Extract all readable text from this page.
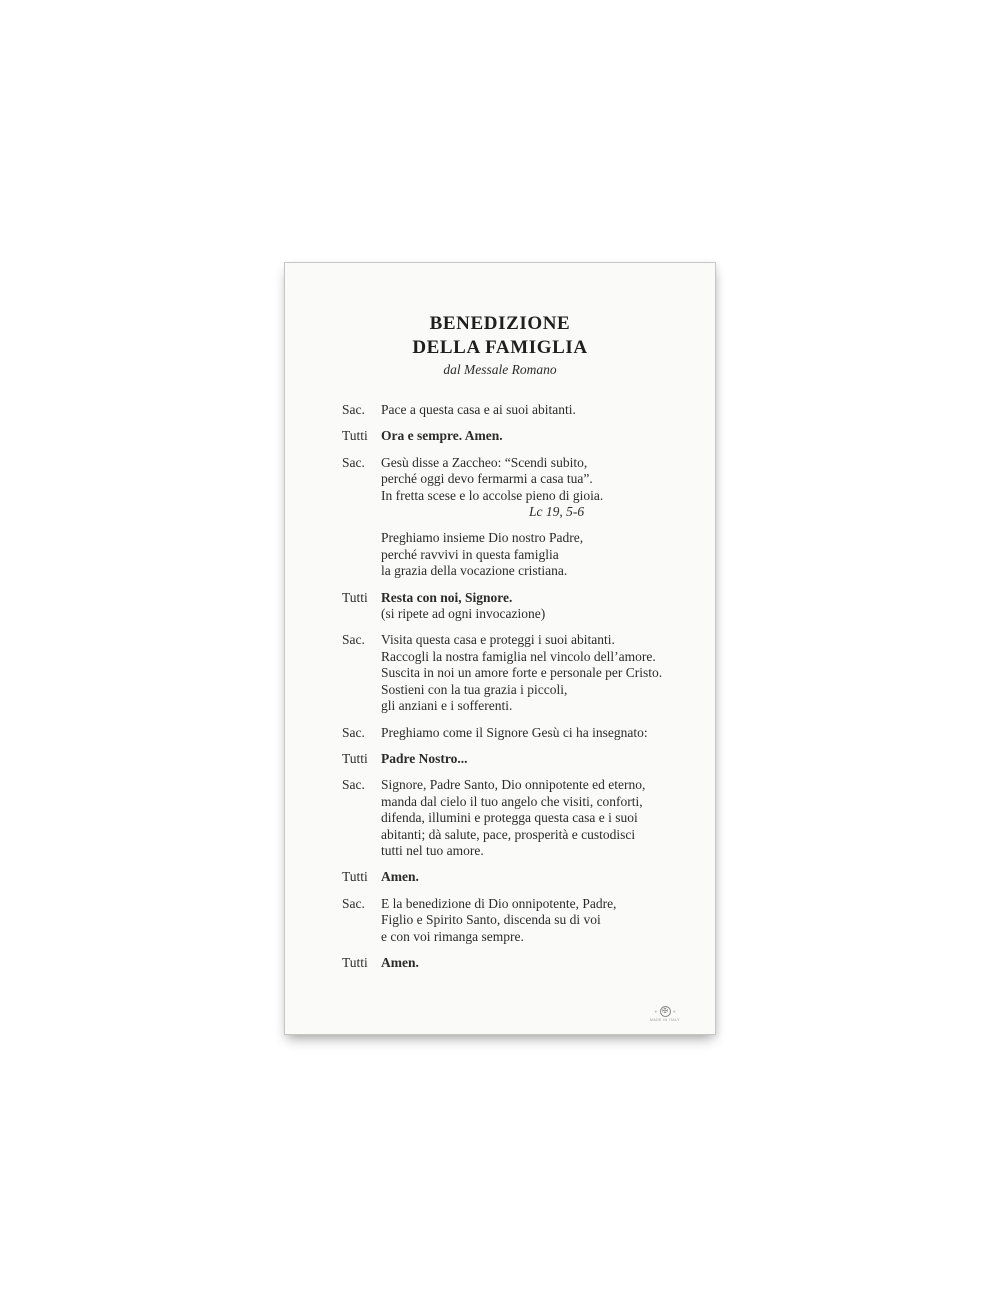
BENEDIZIONE
DELLA FAMIGLIA
dal Messale Romano
Sac.	Pace a questa casa e ai suoi abitanti.
Tutti Ora e sempre. Amen.
Sac.	Gesù disse a Zaccheo: “Scendi subito,
perché oggi devo fermarmi a casa tua”.
In fretta scese e lo accolse pieno di gioia.
Lc 19, 5-6
Preghiamo insieme Dio nostro Padre,
perché ravvivi in questa famiglia
la grazia della vocazione cristiana.
Tutti Resta con noi, Signore.
(si ripete ad ogni invocazione)
Sac.	Visita questa casa e proteggi i suoi abitanti.
Raccogli la nostra famiglia nel vincolo dell’amore.
Suscita in noi un amore forte e personale per Cristo.
Sostieni con la tua grazia i piccoli,
gli anziani e i sofferenti.
Sac.	Preghiamo come il Signore Gesù ci ha insegnato:
Tutti Padre Nostro...
Sac.	Signore, Padre Santo, Dio onnipotente ed eterno,
manda dal cielo il tuo angelo che visiti, conforti,
difenda, illumini e protegga questa casa e i suoi
abitanti; dà salute, pace, prosperità e custodisci
tutti nel tuo amore.
Tutti Amen.
Sac.	E la benedizione di Dio onnipotente, Padre,
Figlio e Spirito Santo, discenda su di voi
e con voi rimanga sempre.
Tutti Amen.
✳ ✠	✳
MADE IN ITALY
